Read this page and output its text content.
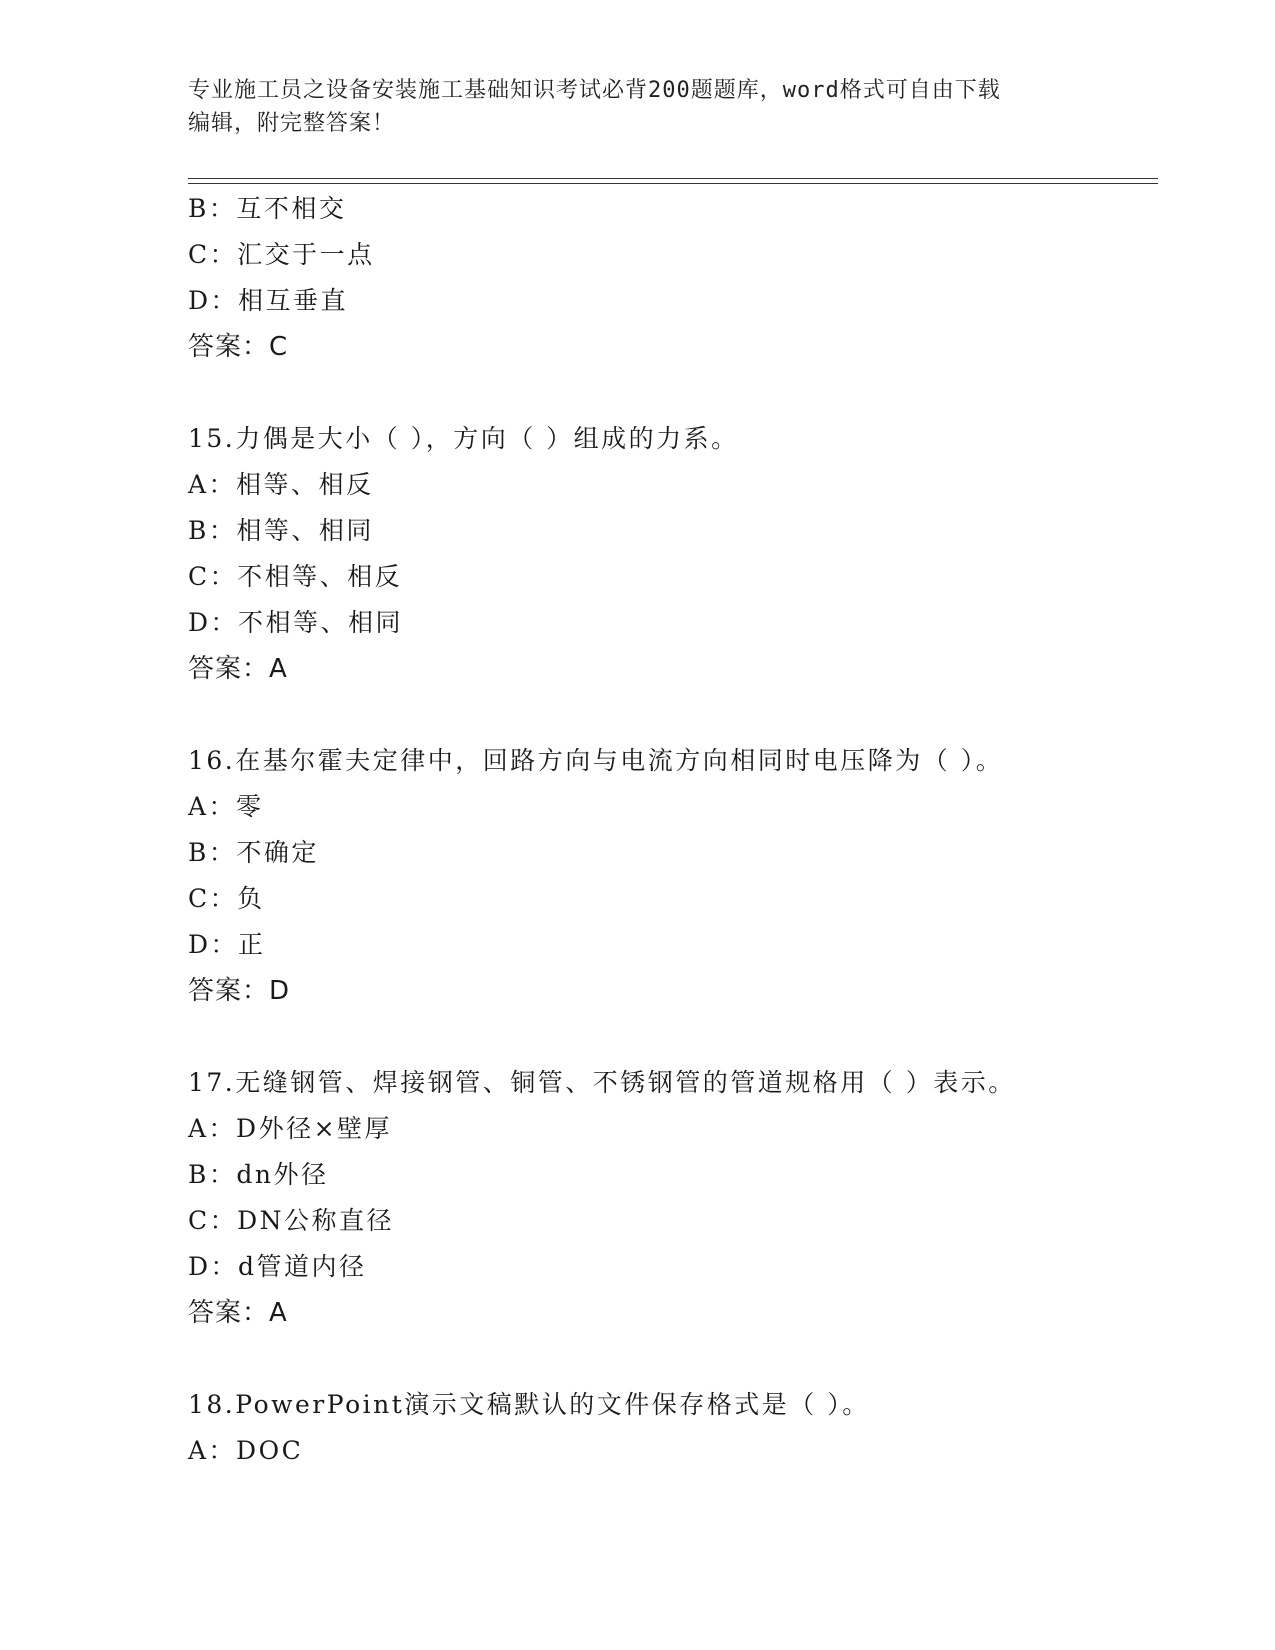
专业施工员之设备安装施工基础知识考试必背200题题库，word格式可自由下载
编辑，附完整答案！
B：互不相交
C：汇交于一点
D：相互垂直
答案：C
15.力偶是大小（ ），方向（ ）组成的力系。
A：相等、相反
B：相等、相同
C：不相等、相反
D：不相等、相同
答案：A
16.在基尔霍夫定律中，回路方向与电流方向相同时电压降为（ ）。
A：零
B：不确定
C：负
D：正
答案：D
17.无缝钢管、焊接钢管、铜管、不锈钢管的管道规格用（ ）表示。
A：D外径×壁厚
B：dn外径
C：DN公称直径
D：d管道内径
答案：A
18.PowerPoint演示文稿默认的文件保存格式是（ ）。
A：DOC
